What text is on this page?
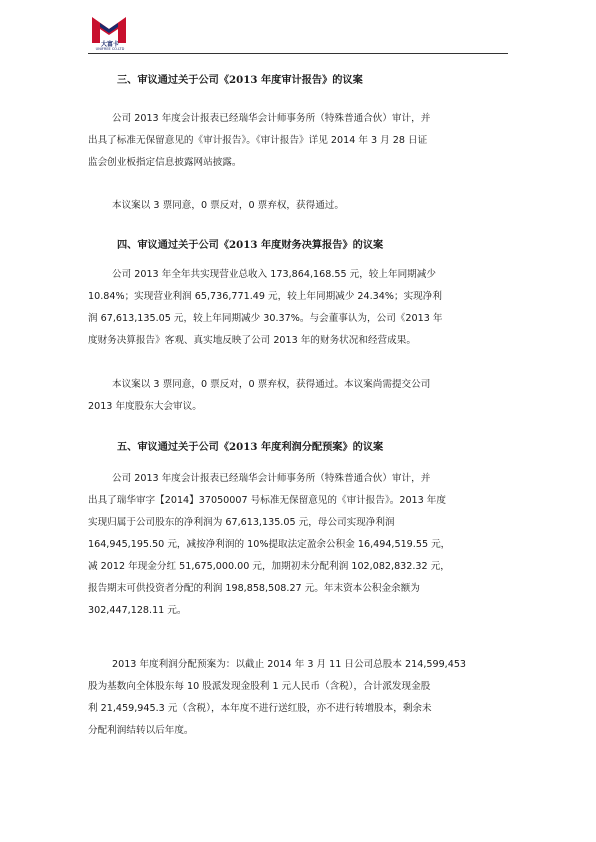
大富卡
UNIFREE CO.LTD
三、审议通过关于公司《2013 年度审计报告》的议案
公司 2013 年度会计报表已经瑞华会计师事务所（特殊普通合伙）审计，并
出具了标准无保留意见的《审计报告》。《审计报告》详见 2014 年 3 月 28 日证
监会创业板指定信息披露网站披露。
本议案以 3 票同意，0 票反对，0 票弃权，获得通过。
四、审议通过关于公司《2013 年度财务决算报告》的议案
公司 2013 年全年共实现营业总收入 173,864,168.55 元，较上年同期减少
10.84%；实现营业利润 65,736,771.49 元，较上年同期减少 24.34%；实现净利
润 67,613,135.05 元，较上年同期减少 30.37%。与会董事认为，公司《2013 年
度财务决算报告》客观、真实地反映了公司 2013 年的财务状况和经营成果。
本议案以 3 票同意，0 票反对，0 票弃权，获得通过。本议案尚需提交公司
2013 年度股东大会审议。
五、审议通过关于公司《2013 年度利润分配预案》的议案
公司 2013 年度会计报表已经瑞华会计师事务所（特殊普通合伙）审计，并
出具了瑞华审字【2014】37050007 号标准无保留意见的《审计报告》。2013 年度
实现归属于公司股东的净利润为 67,613,135.05 元，母公司实现净利润
164,945,195.50 元，减按净利润的 10%提取法定盈余公积金 16,494,519.55 元，
减 2012 年现金分红 51,675,000.00 元，加期初未分配利润 102,082,832.32 元，
报告期末可供投资者分配的利润 198,858,508.27 元。年末资本公积金余额为
302,447,128.11 元。
2013 年度利润分配预案为：以截止 2014 年 3 月 11 日公司总股本 214,599,453
股为基数向全体股东每 10 股派发现金股利 1 元人民币（含税），合计派发现金股
利 21,459,945.3 元（含税），本年度不进行送红股，亦不进行转增股本，剩余未
分配利润结转以后年度。
